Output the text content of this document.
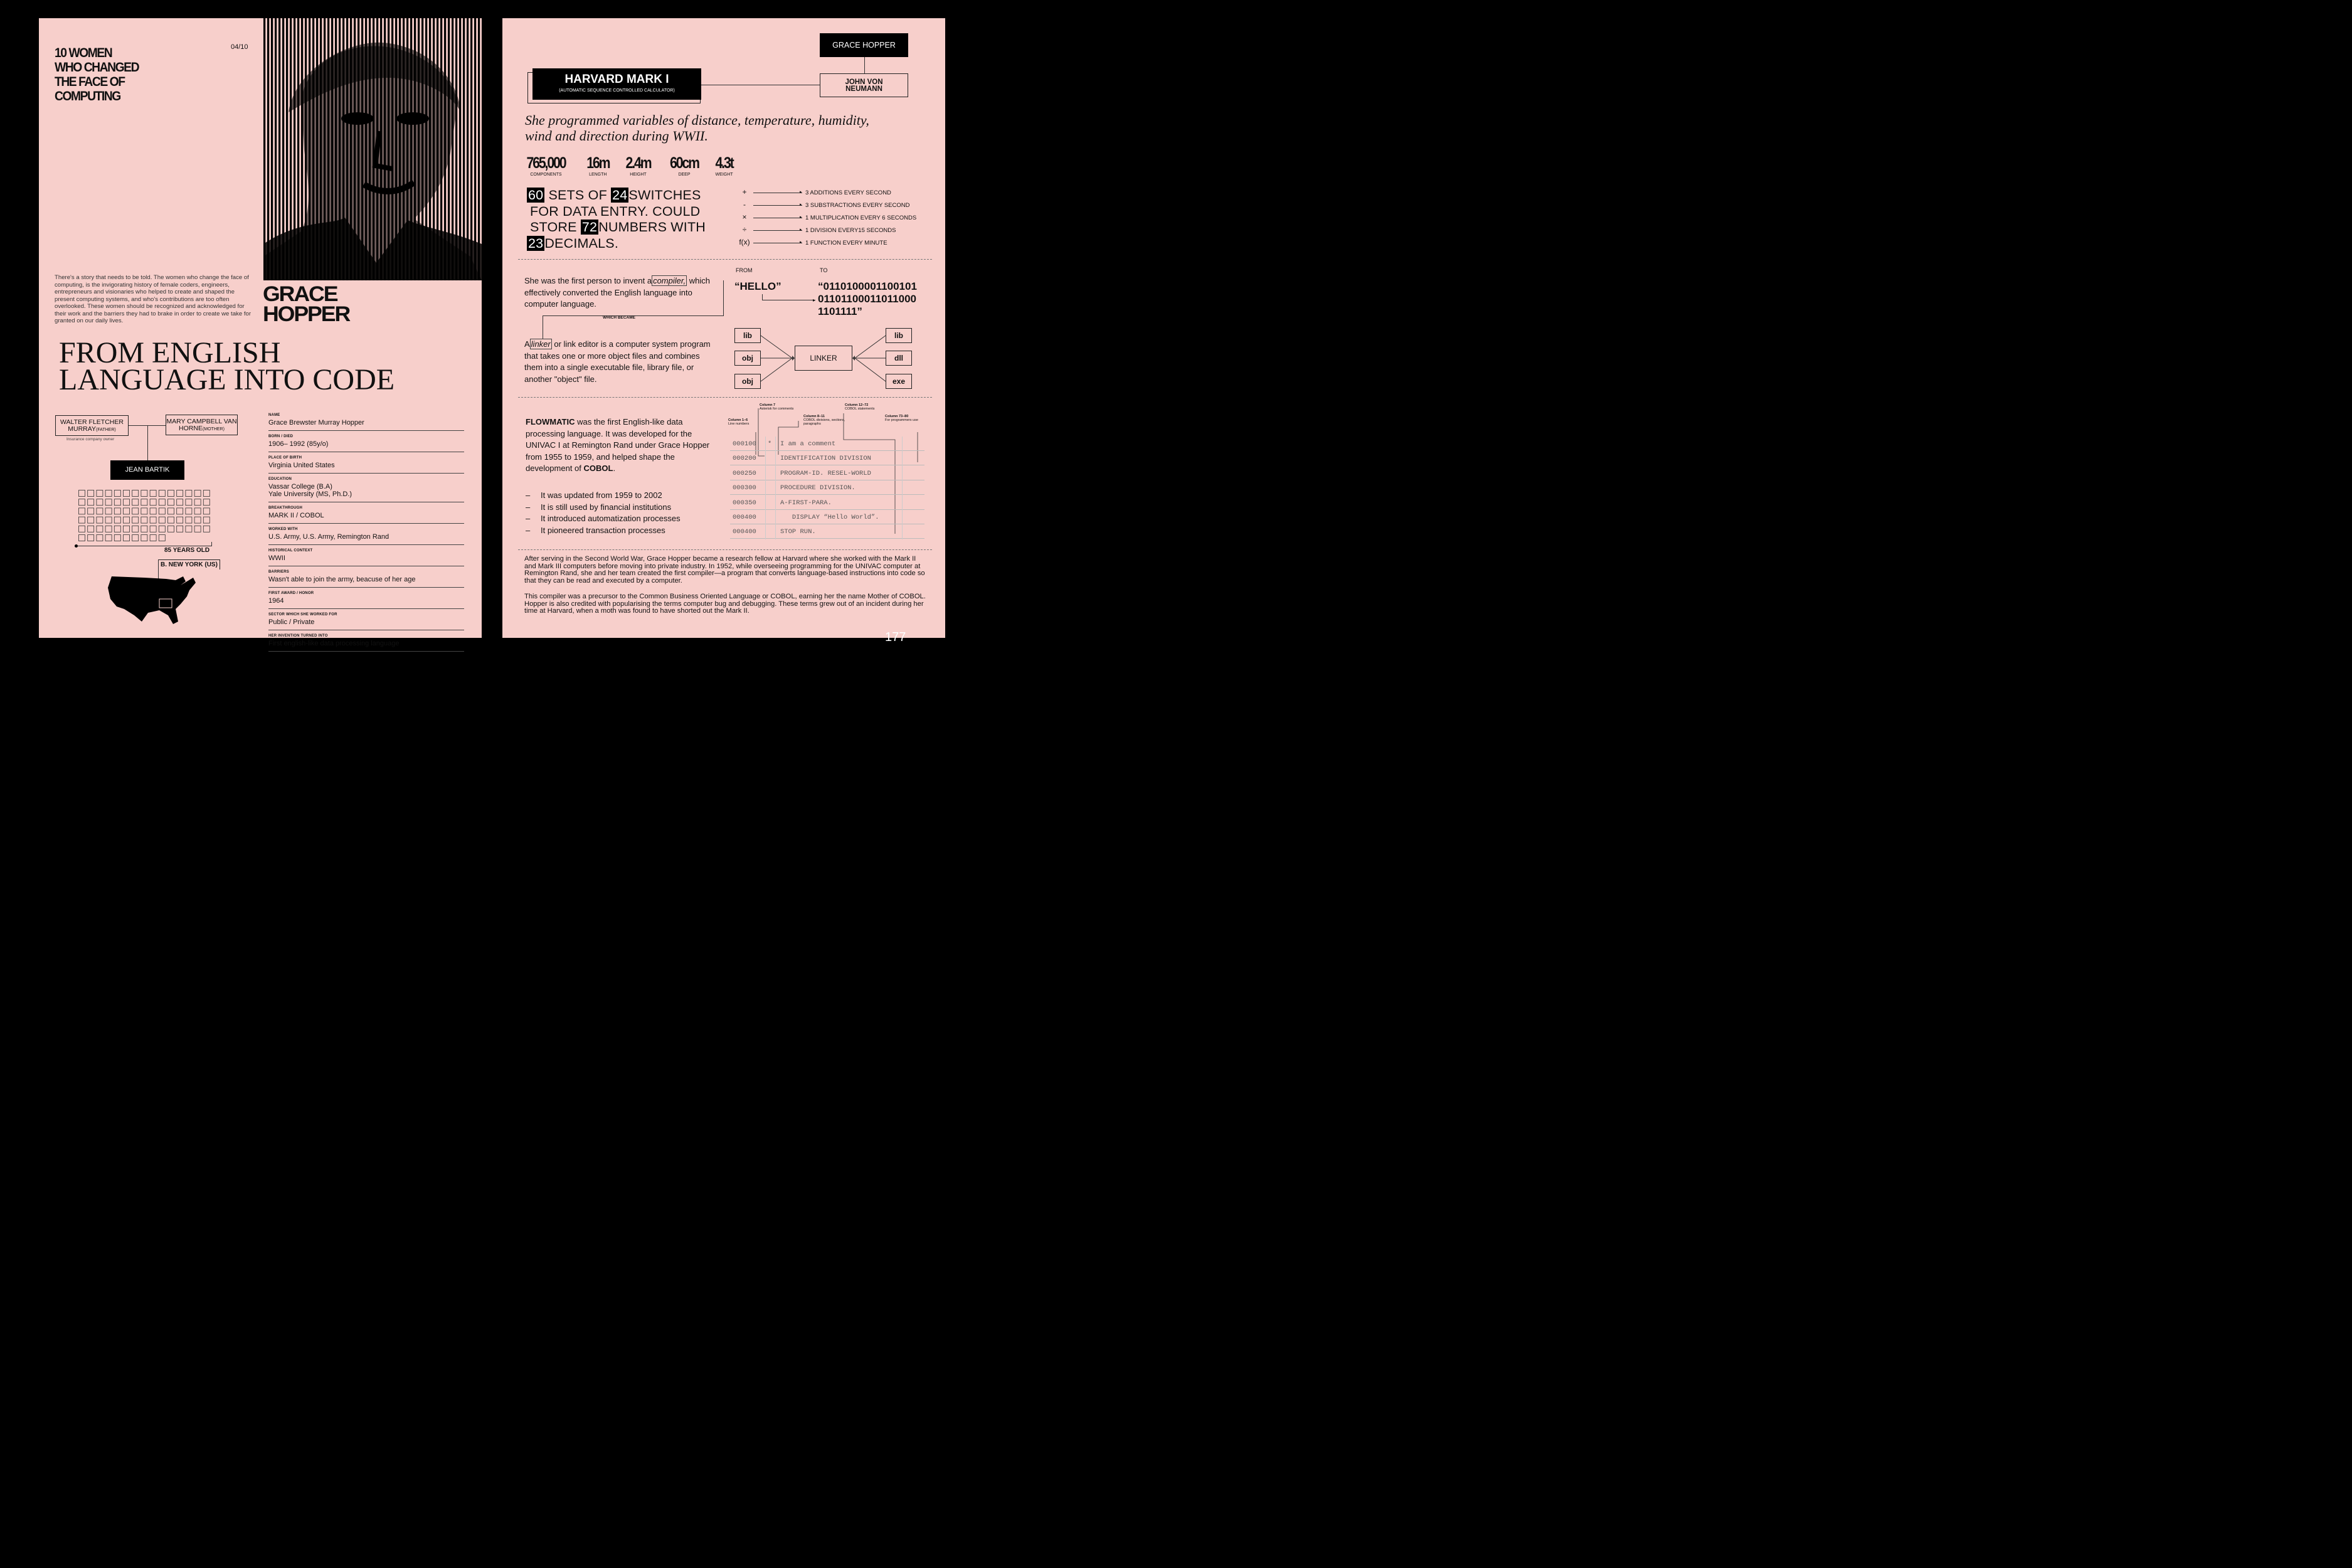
10 WOMEN
WHO CHANGED
THE FACE OF
COMPUTING
04/10
There's a story that needs to be told. The women who change the face of computing, is the invigorating history of female coders, engineers, entrepreneurs and visionaries who helped to create and shaped the present computing systems, and who's contributions are too often overlooked. These women should be recognized and acknowledged for their work and the barriers they had to brake in order to create we take for granted on our daily lives.
GRACE
HOPPER
FROM ENGLISH
LANGUAGE INTO CODE
WALTER FLETCHER MURRAY(FATHER)
Insurance company owner
MARY CAMPBELL VAN HORNE(MOTHER)
JEAN BARTIK
85 YEARS OLD
B. NEW YORK (US)
NAME
Grace Brewster Murray Hopper
BORN / DIED
1906– 1992 (85y/o)
PLACE OF BIRTH
Virginia United States
EDUCATION
Vassar College (B.A)
Yale University (MS, Ph.D.)
BREAKTHROUGH
MARK II / COBOL
WORKED WITH
U.S. Army, U.S. Army, Remington Rand
HISTORICAL CONTEXT
WWII
BARRIERS
Wasn't able to join the army, beacuse of her age
FIRST AWARD / HONOR
1964
SECTOR WHICH SHE WORKED FOR
Public / Private
HER INVENTION TURNED INTO
First english-like data processing language
GRACE HOPPER
HARVARD MARK I
(AUTOMATIC SEQUENCE CONTROLLED CALCULATOR)
JOHN VON NEUMANN
She programmed variables of distance, temperature, humidity, wind and direction during WWII.
765,000
COMPONENTS
16m
LENGTH
2.4m
HEIGHT
60cm
DEEP
4.3t
WEIGHT
60 SETS OF 24SWITCHES
FOR DATA ENTRY. COULD
STORE 72NUMBERS WITH
23DECIMALS.
+	▸ 3 ADDITIONS EVERY SECOND
-	▸ 3 SUBSTRACTIONS EVERY SECOND
×	▸ 1 MULTIPLICATION EVERY 6 SECONDS
÷	▸ 1 DIVISION EVERY15 SECONDS
f(x)	▸ 1 FUNCTION EVERY MINUTE
She was the first person to invent a compiler, which effectively converted the English language into computer language.
WHICH BECAME
FROM	TO
“HELLO”	“0110100001100101
01101100011011000
1101111”
▸
A linker or link editor is a computer system program that takes one or more object files and combines them into a single executable file, library file, or another "object" file.
lib
obj
obj
LINKER
lib
dll
exe
FLOWMATIC was the first English-like data processing language. It was developed for the UNIVAC I at Remington Rand under Grace Hopper from 1955 to 1959, and helped shape the development of COBOL.
–	It was updated from 1959 to 2002
–	It is still used by financial institutions
–	It introduced automatization processes
–	It pioneered transaction processes
Column 1–6
Line numbers
Column 7
Asterisk for comments
Column 8–11
COBOL divisions, sections, paragraphs
Column 12–72
COBOL statements
Column 73–80
For programmers use
000100 * I am a comment
000200	IDENTIFICATION DIVISION
000250	PROGRAM-ID. RESEL-WORLD
000300	PROCEDURE DIVISION.
000350	A-FIRST-PARA.
000400	DISPLAY “Hello World”.
000400	STOP RUN.
After serving in the Second World War, Grace Hopper became a research fellow at Harvard where she worked with the Mark II and Mark III computers before moving into private industry. In 1952, while overseeing programming for the UNIVAC computer at Remington Rand, she and her team created the first compiler—a program that converts language-based instructions into code so that they can be read and executed by a computer.
This compiler was a precursor to the Common Business Oriented Language or COBOL, earning her the name Mother of COBOL. Hopper is also credited with popularising the terms computer bug and debugging. These terms grew out of an incident during her time at Harvard, when a moth was found to have shorted out the Mark II.
177
